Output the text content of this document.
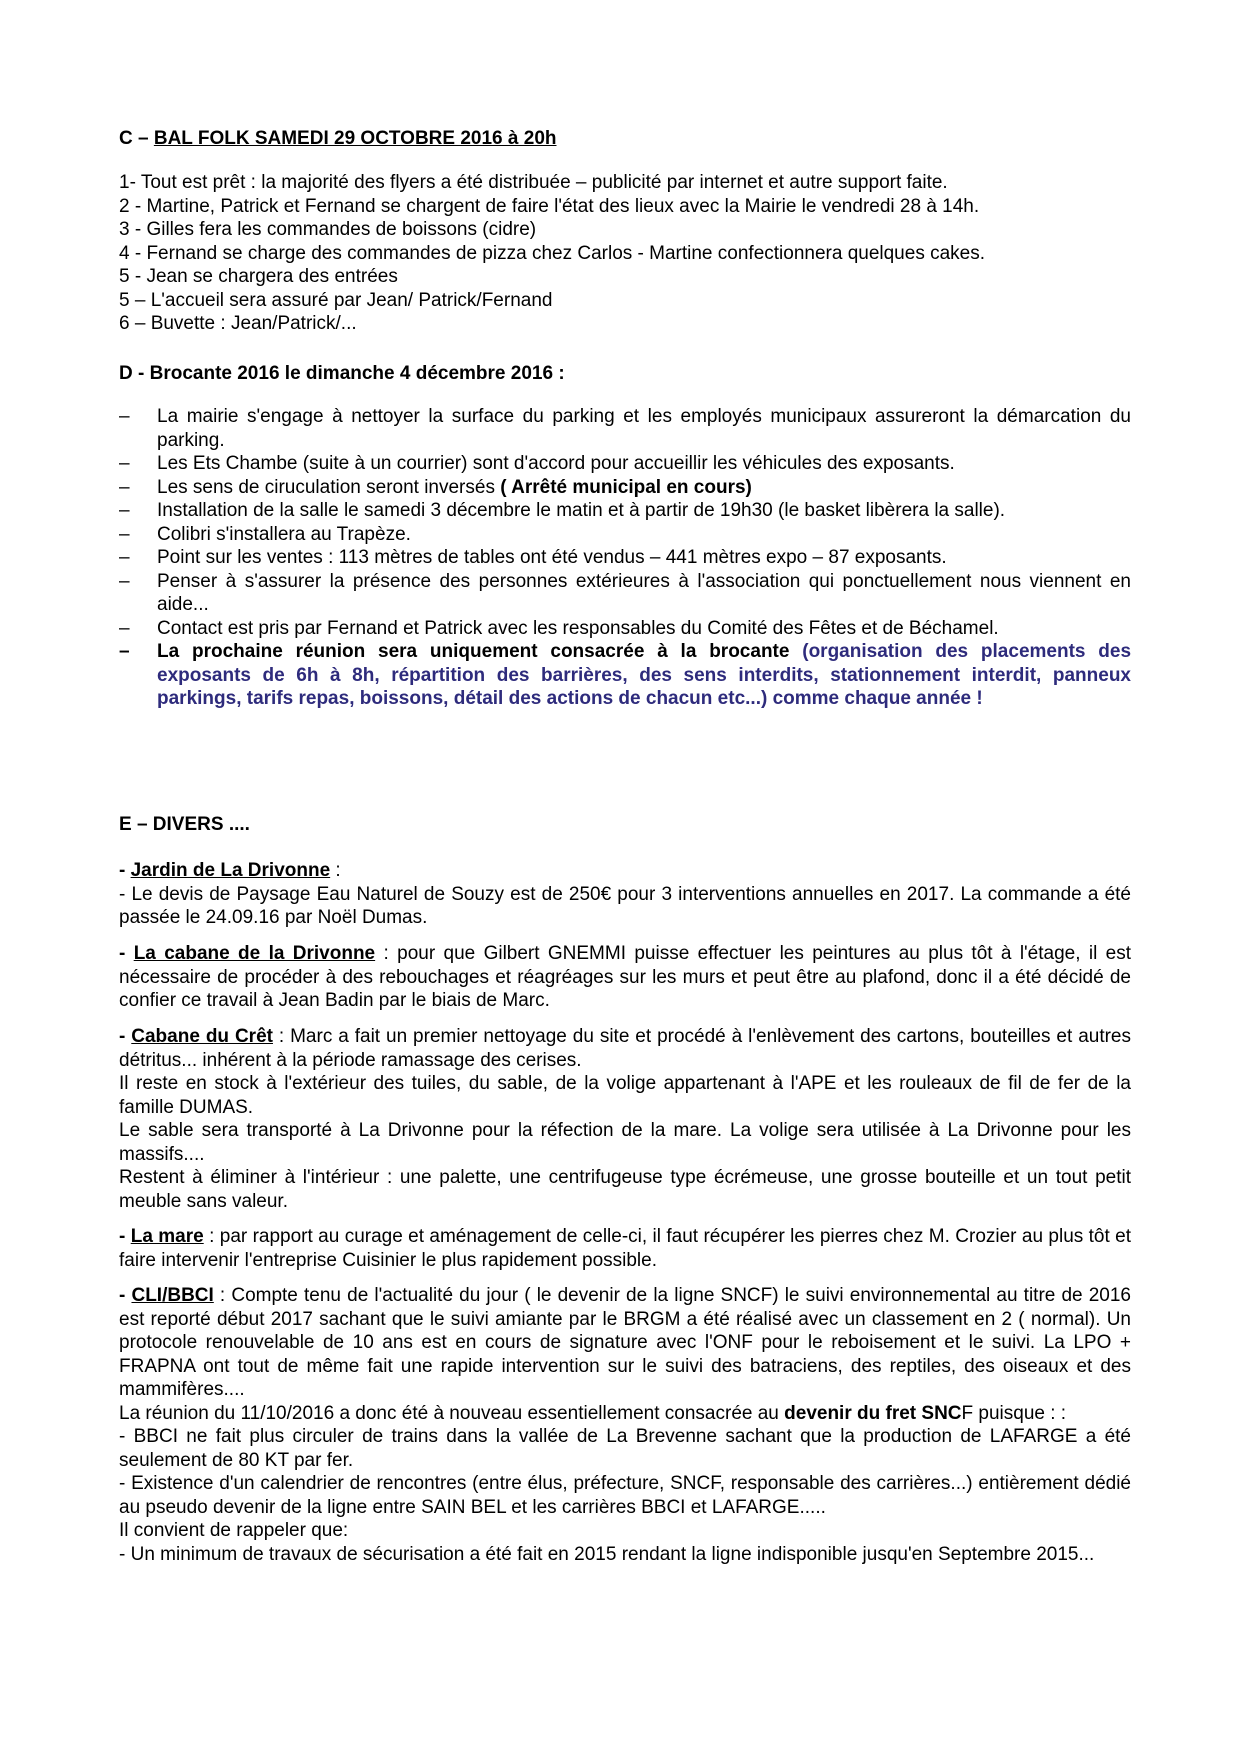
C – BAL FOLK SAMEDI 29 OCTOBRE 2016 à 20h

1- Tout est prêt : la majorité des flyers a été distribuée – publicité par internet et autre support faite.

2 - Martine, Patrick et Fernand se chargent de faire l'état des lieux avec la Mairie le vendredi 28 à 14h.

3 - Gilles fera les commandes de boissons (cidre)

4 - Fernand se charge des commandes de pizza chez Carlos - Martine confectionnera quelques cakes.

5 - Jean se chargera des entrées

5 – L'accueil sera assuré par Jean/ Patrick/Fernand

6 – Buvette : Jean/Patrick/...

D - Brocante 2016 le dimanche 4 décembre 2016 :

– La mairie s'engage à nettoyer la surface du parking et les employés municipaux assureront la démarcation du parking.
– Les Ets Chambe (suite à un courrier) sont d'accord pour accueillir les véhicules des exposants.
– Les sens de ciruculation seront inversés ( Arrêté municipal en cours)
– Installation de la salle le samedi 3 décembre le matin et à partir de 19h30 (le basket libèrera la salle).
– Colibri s'installera au Trapèze.
– Point sur les ventes : 113 mètres de tables ont été vendus – 441 mètres expo – 87 exposants.
– Penser à s'assurer la présence des personnes extérieures à l'association qui ponctuellement nous viennent en aide...
– Contact est pris par Fernand et Patrick avec les responsables du Comité des Fêtes et de Béchamel.
– La prochaine réunion sera uniquement consacrée à la brocante (organisation des placements des exposants de 6h à 8h, répartition des barrières, des sens interdits, stationnement interdit, panneux parkings, tarifs repas, boissons, détail des actions de chacun etc...) comme chaque année !

E – DIVERS ....

- Jardin de La Drivonne :

- Le devis de Paysage Eau Naturel de Souzy est de 250€ pour 3 interventions annuelles en 2017. La commande a été passée le 24.09.16 par Noël Dumas.

- La cabane de la Drivonne : pour que Gilbert GNEMMI puisse effectuer les peintures au plus tôt à l'étage, il est nécessaire de procéder à des rebouchages et réagréages sur les murs et peut être au plafond, donc il a été décidé de confier ce travail à Jean Badin par le biais de Marc.

- Cabane du Crêt : Marc a fait un premier nettoyage du site et procédé à l'enlèvement des cartons, bouteilles et autres détritus... inhérent à la période ramassage des cerises.

Il reste en stock à l'extérieur des tuiles, du sable, de la volige appartenant à l'APE et les rouleaux de fil de fer de la famille DUMAS.

Le sable sera transporté à La Drivonne pour la réfection de la mare. La volige sera utilisée à La Drivonne pour les massifs....

Restent à éliminer à l'intérieur : une palette, une centrifugeuse type écrémeuse, une grosse bouteille et un tout petit meuble sans valeur.

- La mare : par rapport au curage et aménagement de celle-ci, il faut récupérer les pierres chez M. Crozier au plus tôt et faire intervenir l'entreprise Cuisinier le plus rapidement possible.

- CLI/BBCI : Compte tenu de l'actualité du jour ( le devenir de la ligne SNCF) le suivi environnemental au titre de 2016 est reporté début 2017 sachant que le suivi amiante par le BRGM a été réalisé avec un classement en 2 ( normal). Un protocole renouvelable de 10 ans est en cours de signature avec l'ONF pour le reboisement et le suivi. La LPO + FRAPNA ont tout de même fait une rapide intervention sur le suivi des batraciens, des reptiles, des oiseaux et des mammifères....

La réunion du 11/10/2016 a donc été à nouveau essentiellement consacrée au devenir du fret SNCF puisque : :

- BBCI ne fait plus circuler de trains dans la vallée de La Brevenne sachant que la production de LAFARGE a été seulement de 80 KT par fer.

- Existence d'un calendrier de rencontres (entre élus, préfecture, SNCF, responsable des carrières...) entièrement dédié au pseudo devenir de la ligne entre SAIN BEL et les carrières BBCI et LAFARGE.....

Il convient de rappeler que:

- Un minimum de travaux de sécurisation a été fait en 2015 rendant la ligne indisponible jusqu'en Septembre 2015...
